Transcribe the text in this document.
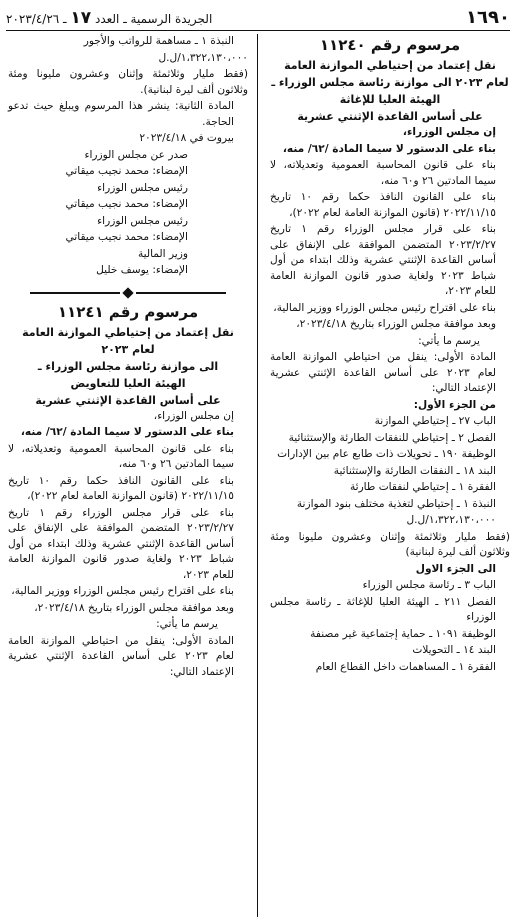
١٦٩٠
الجريدة الرسمية ـ العدد ١٧ ـ ٢٠٢٣/٤/٢٦
مرسوم رقم ١١٢٤٠
نقل إعتماد من إحتياطي الموازنة العامة
لعام ٢٠٢٣ الى موازنة رئاسة مجلس الوزراء ـ
الهيئة العليا للإغاثة
على أساس القاعدة الإثنتي عشرية
إن مجلس الوزراء،
بناء على الدستور لا سيما المادة /٦٢/ منه،
بناء على قانون المحاسبة العمومية وتعديلاته، لا سيما المادتين ٢٦ و٦٠ منه،
بناء على القانون النافذ حكما رقم ١٠ تاريخ ٢٠٢٢/١١/١٥ (قانون الموازنة العامة لعام ٢٠٢٢)،
بناء على قرار مجلس الوزراء رقم ١ تاريخ ٢٠٢٣/٢/٢٧ المتضمن الموافقة على الإنفاق على أساس القاعدة الإثنتي عشرية وذلك ابتداء من أول شباط ٢٠٢٣ ولغاية صدور قانون الموازنة العامة للعام ٢٠٢٣،
بناء على اقتراح رئيس مجلس الوزراء ووزير المالية،
وبعد موافقة مجلس الوزراء بتاريخ ٢٠٢٣/٤/١٨،
يرسم ما يأتي:
المادة الأولى: ينقل من احتياطي الموازنة العامة لعام ٢٠٢٣ على أساس القاعدة الإثنتي عشرية الإعتماد التالي:
من الجزء الأول:
الباب ٢٧ ـ إحتياطي الموازنة
الفصل ٢ ـ إحتياطي للنفقات الطارئة والإستثنائية
الوظيفة ١٩٠ ـ تحويلات ذات طابع عام بين الإدارات
البند ١٨ ـ النفقات الطارئة والإستثنائية
الفقرة ١ ـ إحتياطي لنفقات طارئة
النبذة ١ ـ إحتياطي لتغذية مختلف بنود الموازنة
١،٣٢٢،١٣٠،٠٠٠/ل.ل
(فقط مليار وثلاثمئة وإثنان وعشرون مليونا ومئة وثلاثون ألف ليرة لبنانية)
الى الجزء الاول
الباب ٣ ـ رئاسة مجلس الوزراء
الفصل ٢١١ ـ الهيئة العليا للإغاثة ـ رئاسة مجلس الوزراء
الوظيفة ١٠٩١ ـ حماية إجتماعية غير مصنفة
البند ١٤ ـ التحويلات
الفقرة ١ ـ المساهمات داخل القطاع العام
النبذة ١ ـ مساهمة للرواتب والأجور
١،٣٢٢،١٣٠،٠٠٠/ل.ل
(فقط مليار وثلاثمئة وإثنان وعشرون مليونا ومئة وثلاثون ألف ليرة لبنانية).
المادة الثانية: ينشر هذا المرسوم ويبلغ حيث تدعو الحاجة.
بيروت في ٢٠٢٣/٤/١٨
صدر عن مجلس الوزراء
الإمضاء: محمد نجيب ميقاتي
رئيس مجلس الوزراء
الإمضاء: محمد نجيب ميقاتي
رئيس مجلس الوزراء
الإمضاء: محمد نجيب ميقاتي
وزير المالية
الإمضاء: يوسف خليل
مرسوم رقم ١١٢٤١
نقل إعتماد من إحتياطي الموازنة العامة
لعام ٢٠٢٣
الى موازنة رئاسة مجلس الوزراء ـ
الهيئة العليا للتعاويض
على أساس القاعدة الإثنتي عشرية
إن مجلس الوزراء،
بناء على الدستور لا سيما المادة /٦٢/ منه،
بناء على قانون المحاسبة العمومية وتعديلاته، لا سيما المادتين ٢٦ و٦٠ منه،
بناء على القانون النافذ حكما رقم ١٠ تاريخ ٢٠٢٢/١١/١٥ (قانون الموازنة العامة لعام ٢٠٢٢)،
بناء على قرار مجلس الوزراء رقم ١ تاريخ ٢٠٢٣/٢/٢٧ المتضمن الموافقة على الإنفاق على أساس القاعدة الإثنتي عشرية وذلك ابتداء من أول شباط ٢٠٢٣ ولغاية صدور قانون الموازنة العامة للعام ٢٠٢٣،
بناء على اقتراح رئيس مجلس الوزراء ووزير المالية،
وبعد موافقة مجلس الوزراء بتاريخ ٢٠٢٣/٤/١٨،
يرسم ما يأتي:
المادة الأولى: ينقل من احتياطي الموازنة العامة لعام ٢٠٢٣ على أساس القاعدة الإثنتي عشرية الإعتماد التالي:
